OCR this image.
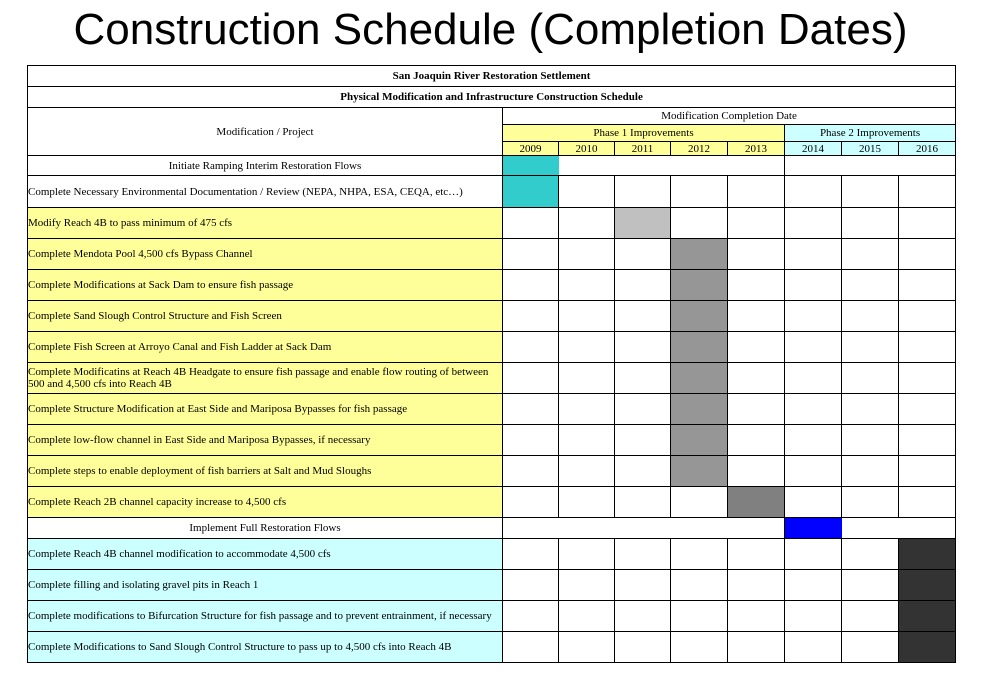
Construction Schedule (Completion Dates)
San Joaquin River Restoration Settlement								
Physical Modification and Infrastructure Construction Schedule								
Modification / Project	Modification Completion Date							
	Phase 1 Improvements					Phase 2 Improvements		
	2009	2010	2011	2012	2013	2014	2015	2016
Initiate Ramping Interim Restoration Flows								
Complete Necessary Environmental Documentation / Review (NEPA, NHPA, ESA, CEQA, etc…)								
Modify Reach 4B to pass minimum of 475 cfs								
Complete Mendota Pool 4,500 cfs Bypass Channel								
Complete Modifications at Sack Dam to ensure fish passage								
Complete Sand Slough Control Structure and Fish Screen								
Complete Fish Screen at Arroyo Canal and Fish Ladder at Sack Dam								
Complete Modificatins at Reach 4B Headgate to ensure fish passage and enable flow routing of between 500 and 4,500 cfs into Reach 4B								
Complete Structure Modification at East Side and Mariposa Bypasses for fish passage								
Complete low-flow channel in East Side and Mariposa Bypasses, if necessary								
Complete steps to enable deployment of fish barriers at Salt and Mud Sloughs								
Complete Reach 2B channel capacity increase to 4,500 cfs								
Implement Full Restoration Flows								
Complete Reach 4B channel modification to accommodate 4,500 cfs								
Complete filling and isolating gravel pits in Reach 1								
Complete modifications to Bifurcation Structure for fish passage and to prevent entrainment, if necessary								
Complete Modifications to Sand Slough Control Structure to pass up to 4,500 cfs into Reach 4B								
